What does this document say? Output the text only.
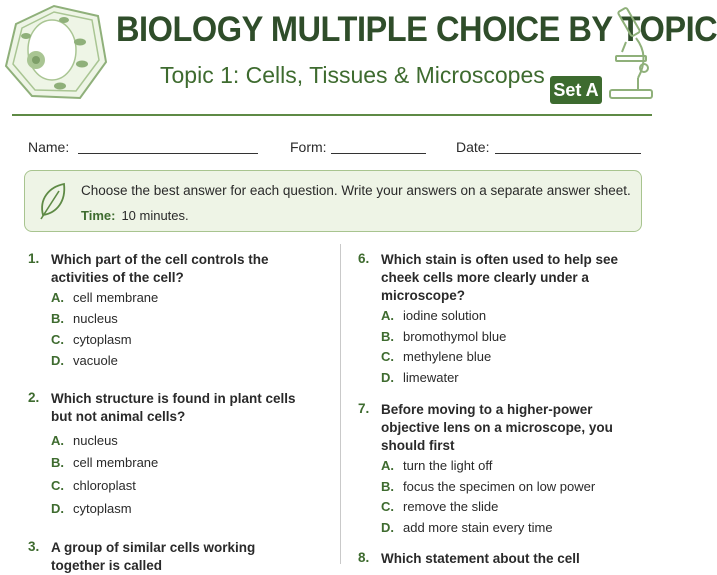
BIOLOGY MULTIPLE CHOICE BY TOPIC
Topic 1: Cells, Tissues & Microscopes
Set A
Name:	Form:	Date:
Choose the best answer for each question. Write your answers on a separate answer sheet.
Time: 10 minutes.
1. Which part of the cell controls the
activities of the cell?
A. cell membrane
B. nucleus
C. cytoplasm
D. vacuole
2. Which structure is found in plant cells
but not animal cells?
A. nucleus
B. cell membrane
C. chloroplast
D. cytoplasm
3. A group of similar cells working
together is called
6. Which stain is often used to help see
cheek cells more clearly under a
microscope?
A. iodine solution
B. bromothymol blue
C. methylene blue
D. limewater
7. Before moving to a higher-power
objective lens on a microscope, you
should first
A. turn the light off
B. focus the specimen on low power
C. remove the slide
D. add more stain every time
8. Which statement about the cell
